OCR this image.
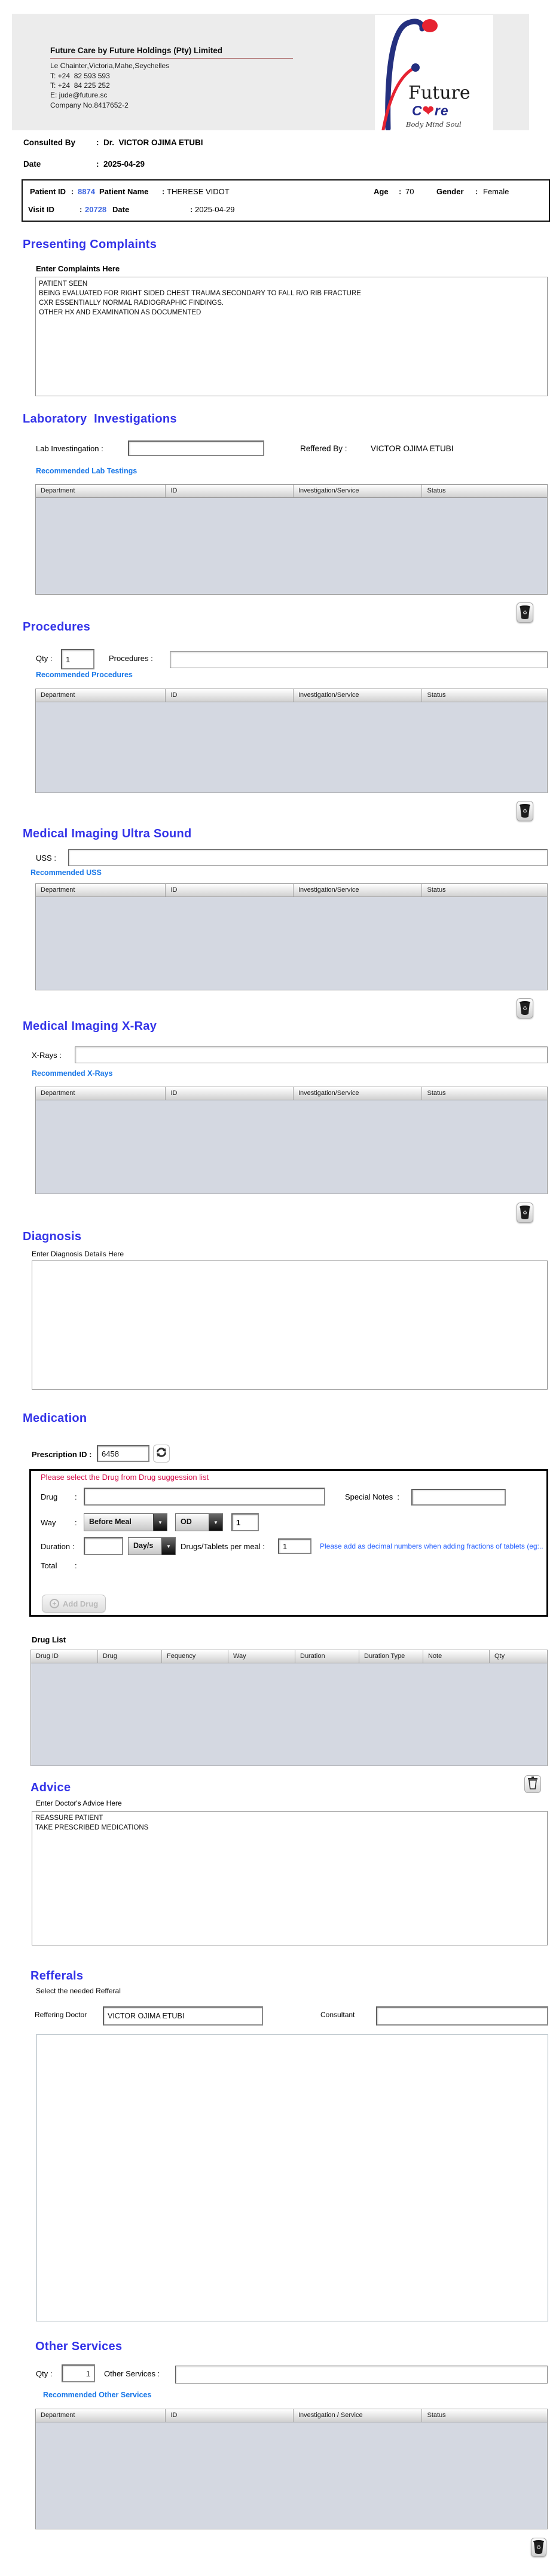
Future Care by Future Holdings (Pty) Limited
Le Chainter,Victoria,Mahe,Seychelles
T: +24  82 593 593
T: +24  84 225 252
E: jude@future.sc
Company No.8417652-2
Future
C❤re
Body Mind Soul
Consulted By	: Dr.  VICTOR OJIMA ETUBI
Date	: 2025-04-29
Patient ID : 8874 Patient Name : THERESE VIDOT	Age : 70	Gender : Female
Visit ID	: 20728 Date	: 2025-04-29
Presenting Complaints
Enter Complaints Here
PATIENT SEEN BEING EVALUATED FOR RIGHT SIDED CHEST TRAUMA SECONDARY TO FALL R/O RIB FRACTURE CXR ESSENTIALLY NORMAL RADIOGRAPHIC FINDINGS. OTHER HX AND EXAMINATION AS DOCUMENTED
Laboratory  Investigations
Lab Investingation :	Reffered By :	VICTOR OJIMA ETUBI
Recommended Lab Testings
Department	ID	Investigation/Service	Status
♻
Procedures
Qty :
1	Procedures :
Recommended Procedures
Department	ID	Investigation/Service	Status
♻
Medical Imaging Ultra Sound
USS :
Recommended USS
Department	ID	Investigation/Service	Status
♻
Medical Imaging X-Ray
X-Rays :
Recommended X-Rays
Department	ID	Investigation/Service	Status
♻
Diagnosis
Enter Diagnosis Details Here
Medication
Prescription ID :
6458
Please select the Drug from Drug suggession list
Drug :	Special Notes  :
Way :	Before Meal	▼	OD	▼
1
Duration :	Day/s	▼	Drugs/Tablets per meal :
1	Please add as decimal numbers when adding fractions of tablets (eg:..
Total :
+ Add Drug
Drug List
Drug ID	Drug	Fequency	Way	Duration	Duration Type	Note	Qty
Advice
Enter Doctor's Advice Here
REASSURE PATIENT TAKE PRESCRIBED MEDICATIONS
Refferals
Select the needed Refferal
Reffering Doctor
VICTOR OJIMA ETUBI	Consultant
Other Services
Qty :
1	Other Services :
Recommended Other Services
Department	ID	Investigation / Service	Status
♻
